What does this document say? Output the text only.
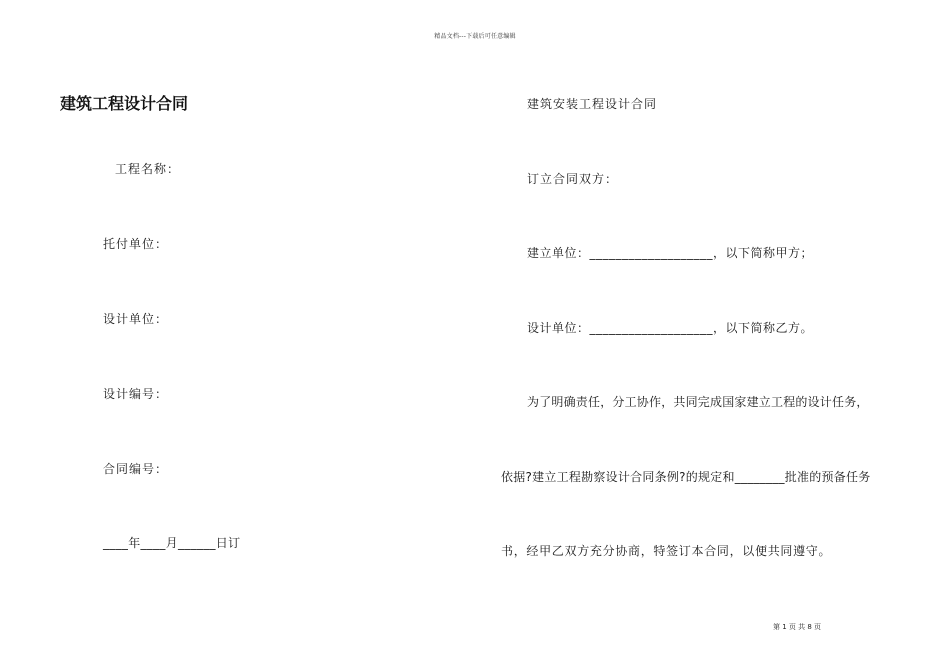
精品文档---下载后可任意编辑
建筑工程设计合同
工程名称：
托付单位：
设计单位：
设计编号：
合同编号：
____年____月______日订
建筑安装工程设计合同
订立合同双方：
建立单位：___________________，以下简称甲方；
设计单位：___________________，以下简称乙方。
为了明确责任，分工协作，共同完成国家建立工程的设计任务，
依据?建立工程勘察设计合同条例?的规定和________批准的预备任务
书，经甲乙双方充分协商，特签订本合同，以便共同遵守。
第 1 页 共 8 页
